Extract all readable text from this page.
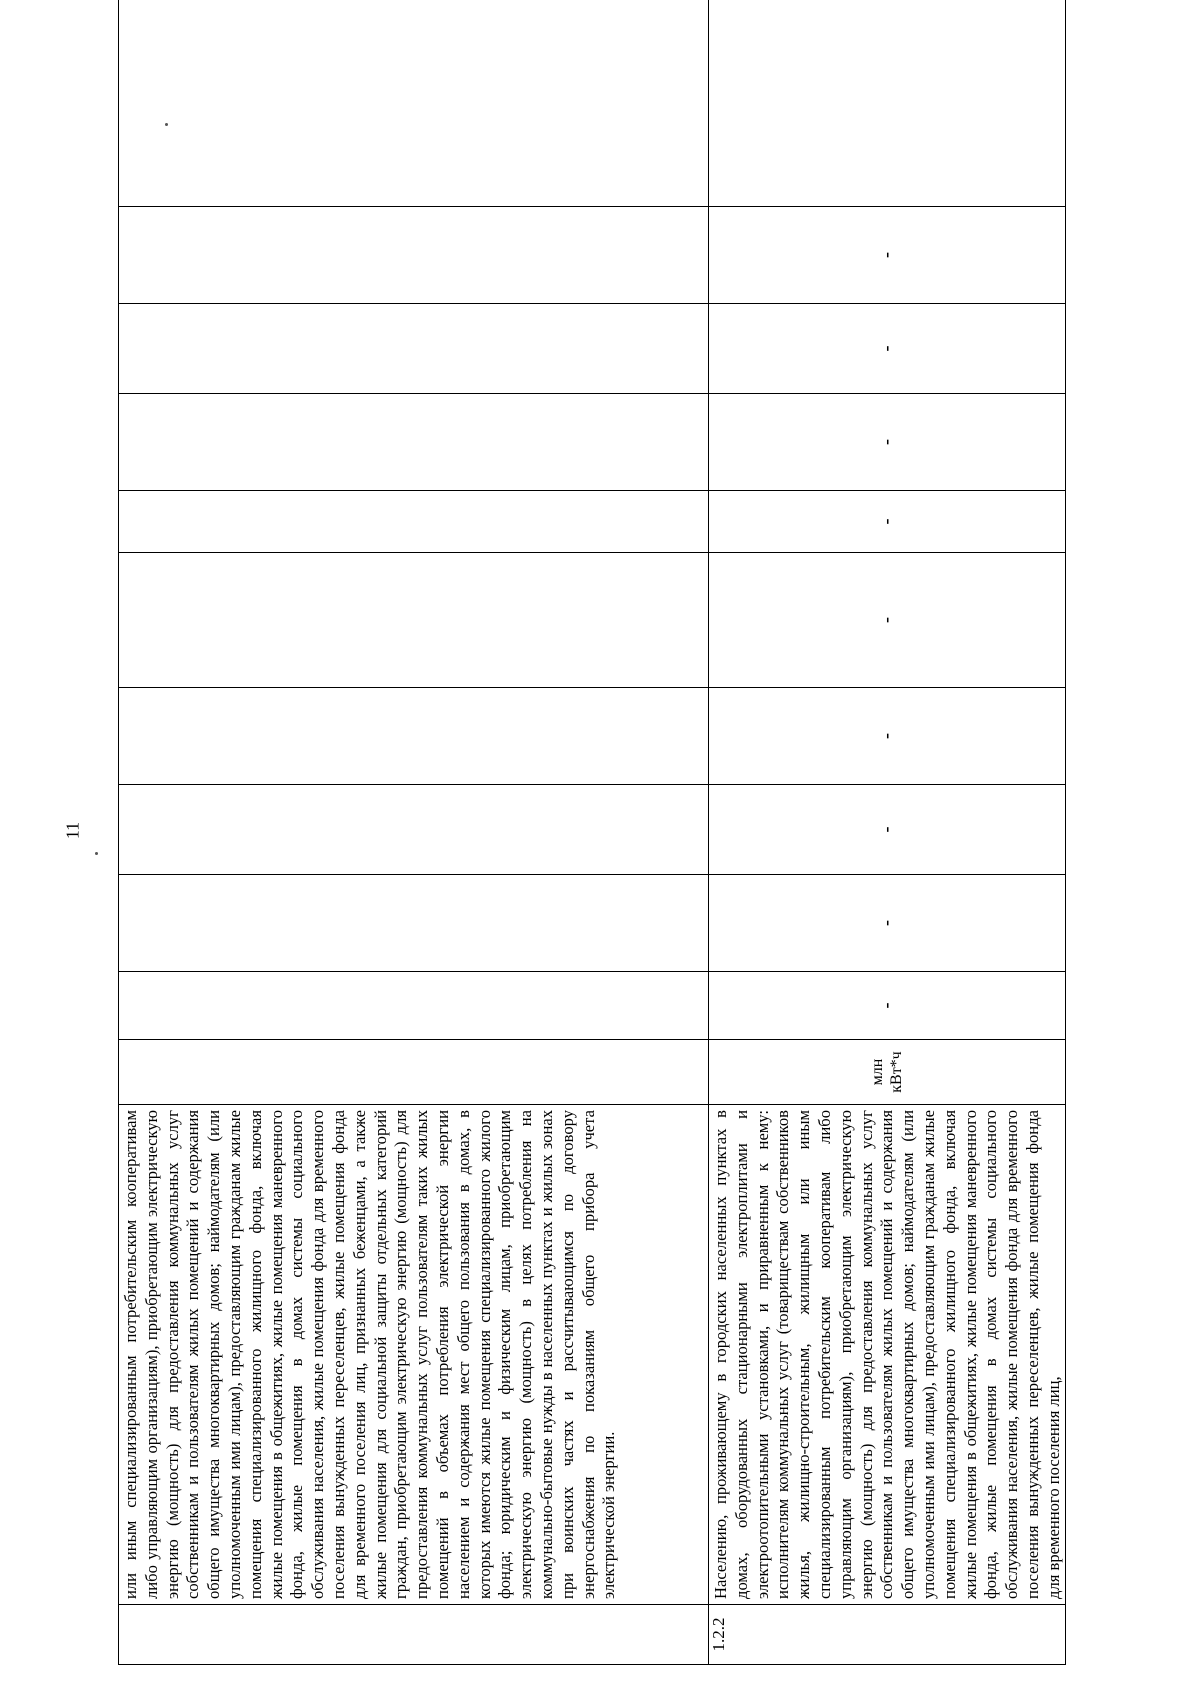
11

	или иным специализированным потребительским кооперативам либо управляющим организациям), приобретающим электрическую энергию (мощность) для предоставления коммунальных услуг собственникам и пользователям жилых помещений и содержания общего имущества многоквартирных домов; наймодателям (или уполномоченным ими лицам), предоставляющим гражданам жилые помещения специализированного жилищного фонда, включая жилые помещения в общежитиях, жилые помещения маневренного фонда, жилые помещения в домах системы социального обслуживания населения, жилые помещения фонда для временного поселения вынужденных переселенцев, жилые помещения фонда для временного поселения лиц, признанных беженцами, а также жилые помещения для социальной защиты отдельных категорий граждан, приобретающим электрическую энергию (мощность) для предоставления коммунальных услуг пользователям таких жилых помещений в объемах потребления электрической энергии населением и содержания мест общего пользования в домах, в которых имеются жилые помещения специализированного жилого фонда; юридическим и физическим лицам, приобретающим электрическую энергию (мощность) в целях потребления на коммунально-бытовые нужды в населенных пунктах и жилых зонах при воинских частях и рассчитывающимся по договору энергоснабжения по показаниям общего прибора учета электрической энергии.											

1.2.2	Населению, проживающему в городских населенных пунктах в домах, оборудованных стационарными электроплитами и электроотопительными установками, и приравненным к нему: исполнителям коммунальных услуг (товариществам собственников жилья, жилищно-строительным, жилищным или иным специализированным потребительским кооперативам либо управляющим организациям), приобретающим электрическую энергию (мощность) для предоставления коммунальных услуг собственникам и пользователям жилых помещений и содержания общего имущества многоквартирных домов; наймодателям (или уполномоченным ими лицам), предоставляющим гражданам жилые помещения специализированного жилищного фонда, включая жилые помещения в общежитиях, жилые помещения маневренного фонда, жилые помещения в домах системы социального обслуживания населения, жилые помещения фонда для временного поселения вынужденных переселенцев, жилые помещения фонда для временного поселения лиц,	млн кВт*ч	-	-	-	-	-	-	-	-	-	
